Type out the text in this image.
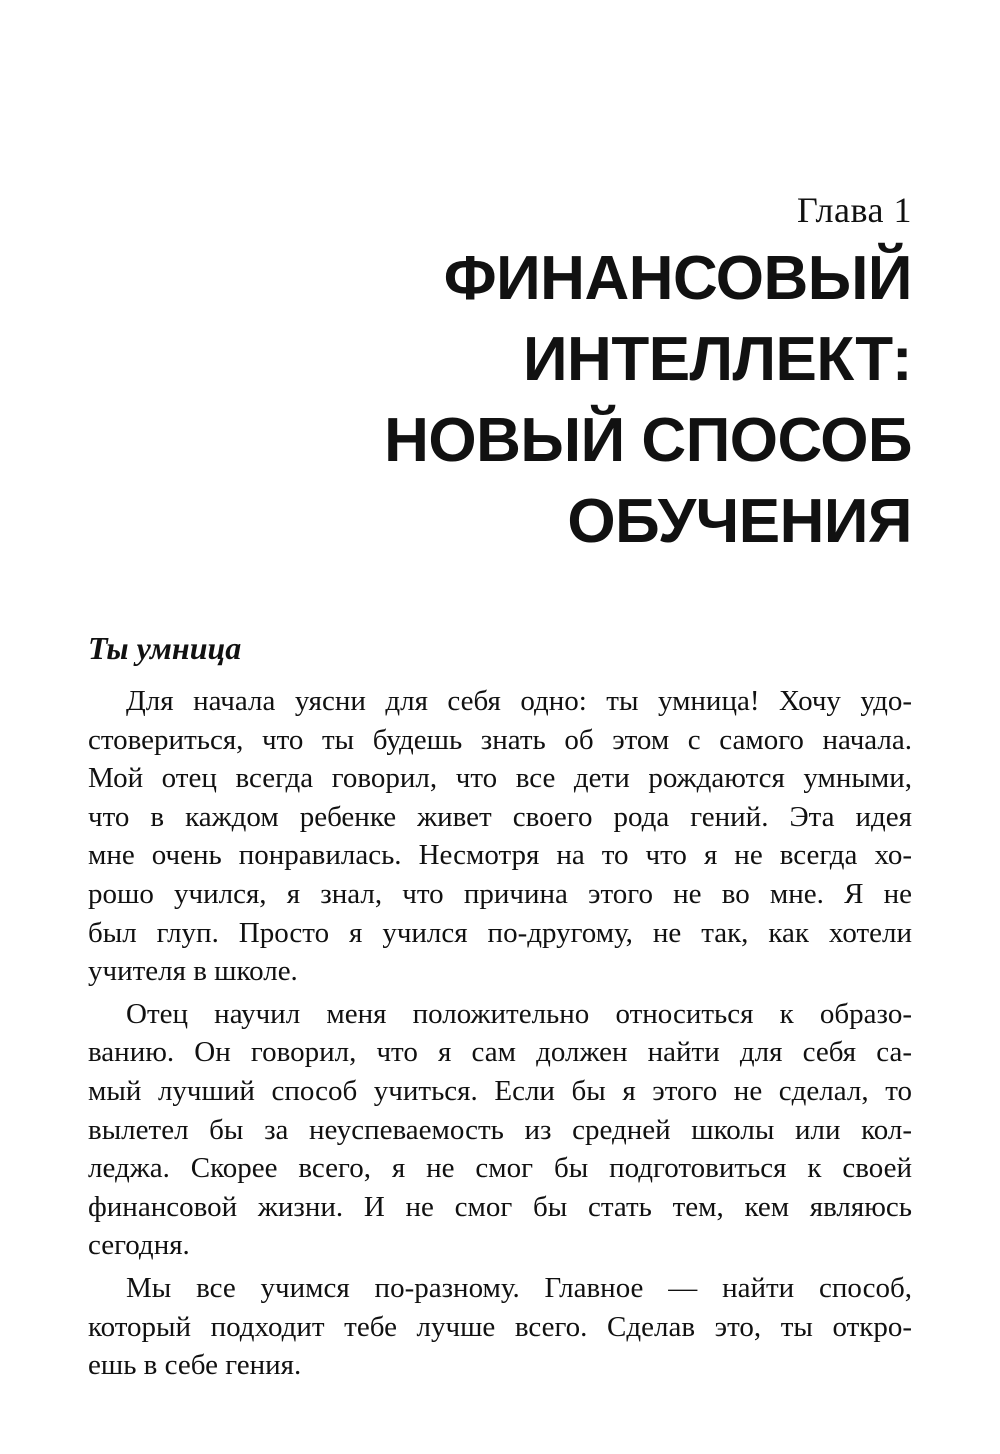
Глава 1
ФИНАНСОВЫЙ
ИНТЕЛЛЕКТ:
НОВЫЙ СПОСОБ
ОБУЧЕНИЯ
Ты умница

Для начала уясни для себя одно: ты умница! Хочу удо-
стовериться, что ты будешь знать об этом с самого начала.
Мой отец всегда говорил, что все дети рождаются умными,
что в каждом ребенке живет своего рода гений. Эта идея
мне очень понравилась. Несмотря на то что я не всегда хо-
рошо учился, я знал, что причина этого не во мне. Я не
был глуп. Просто я учился по-другому, не так, как хотели
учителя в школе.

Отец научил меня положительно относиться к образо-
ванию. Он говорил, что я сам должен найти для себя са-
мый лучший способ учиться. Если бы я этого не сделал, то
вылетел бы за неуспеваемость из средней школы или кол-
леджа. Скорее всего, я не смог бы подготовиться к своей
финансовой жизни. И не смог бы стать тем, кем являюсь
сегодня.

Мы все учимся по-разному. Главное — найти способ,
который подходит тебе лучше всего. Сделав это, ты откро-
ешь в себе гения.
